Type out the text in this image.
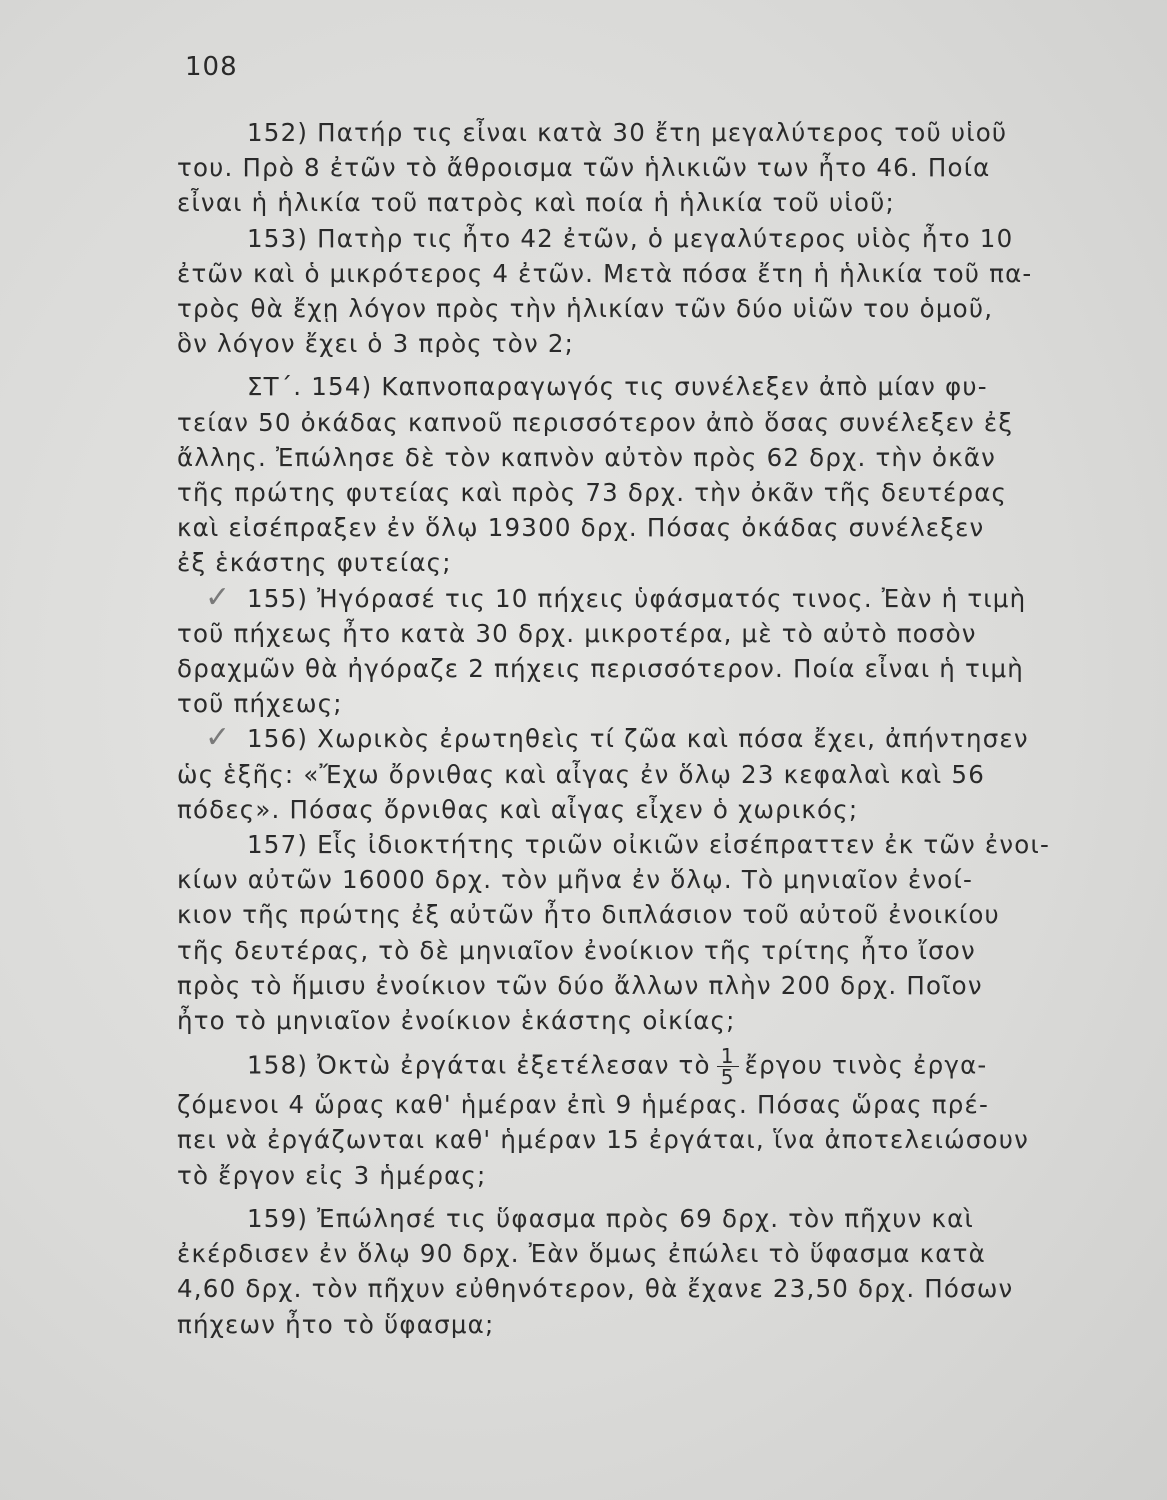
108
152) Πατήρ τις εἶναι κατὰ 30 ἔτη μεγαλύτερος τοῦ υἱοῦ
του. Πρὸ 8 ἐτῶν τὸ ἄθροισμα τῶν ἡλικιῶν των ἦτο 46. Ποία
εἶναι ἡ ἡλικία τοῦ πατρὸς καὶ ποία ἡ ἡλικία τοῦ υἱοῦ;
153) Πατὴρ τις ἦτο 42 ἐτῶν, ὁ μεγαλύτερος υἱὸς ἦτο 10
ἐτῶν καὶ ὁ μικρότερος 4 ἐτῶν. Μετὰ πόσα ἔτη ἡ ἡλικία τοῦ πα-
τρὸς θὰ ἔχῃ λόγον πρὸς τὴν ἡλικίαν τῶν δύο υἱῶν του ὁμοῦ,
ὃν λόγον ἔχει ὁ 3 πρὸς τὸν 2;
ΣΤ΄. 154) Καπνοπαραγωγός τις συνέλεξεν ἀπὸ μίαν φυ-
τείαν 50 ὀκάδας καπνοῦ περισσότερον ἀπὸ ὅσας συνέλεξεν ἐξ
ἄλλης. Ἐπώλησε δὲ τὸν καπνὸν αὐτὸν πρὸς 62 δρχ. τὴν ὀκᾶν
τῆς πρώτης φυτείας καὶ πρὸς 73 δρχ. τὴν ὀκᾶν τῆς δευτέρας
καὶ εἰσέπραξεν ἐν ὅλῳ 19300 δρχ. Πόσας ὀκάδας συνέλεξεν
ἐξ ἑκάστης φυτείας;
✓ 155) Ἠγόρασέ τις 10 πήχεις ὑφάσματός τινος. Ἐὰν ἡ τιμὴ
τοῦ πήχεως ἦτο κατὰ 30 δρχ. μικροτέρα, μὲ τὸ αὐτὸ ποσὸν
δραχμῶν θὰ ἠγόραζε 2 πήχεις περισσότερον. Ποία εἶναι ἡ τιμὴ
τοῦ πήχεως;
✓ 156) Χωρικὸς ἐρωτηθεὶς τί ζῶα καὶ πόσα ἔχει, ἀπήντησεν
ὡς ἑξῆς: «Ἔχω ὄρνιθας καὶ αἶγας ἐν ὅλῳ 23 κεφαλαὶ καὶ 56
πόδες». Πόσας ὄρνιθας καὶ αἶγας εἶχεν ὁ χωρικός;
157) Εἷς ἰδιοκτήτης τριῶν οἰκιῶν εἰσέπραττεν ἐκ τῶν ἐνοι-
κίων αὐτῶν 16000 δρχ. τὸν μῆνα ἐν ὅλῳ. Τὸ μηνιαῖον ἐνοί-
κιον τῆς πρώτης ἐξ αὐτῶν ἦτο διπλάσιον τοῦ αὐτοῦ ἐνοικίου
τῆς δευτέρας, τὸ δὲ μηνιαῖον ἐνοίκιον τῆς τρίτης ἦτο ἴσον
πρὸς τὸ ἥμισυ ἐνοίκιον τῶν δύο ἄλλων πλὴν 200 δρχ. Ποῖον
ἦτο τὸ μηνιαῖον ἐνοίκιον ἑκάστης οἰκίας;
158) Ὀκτὼ ἐργάται ἐξετέλεσαν τὸ $\frac{1}{5}$ ἔργου τινὸς ἐργα-
ζόμενοι 4 ὥρας καθ' ἡμέραν ἐπὶ 9 ἡμέρας. Πόσας ὥρας πρέ-
πει νὰ ἐργάζωνται καθ' ἡμέραν 15 ἐργάται, ἵνα ἀποτελειώσουν
τὸ ἔργον εἰς 3 ἡμέρας;
159) Ἐπώλησέ τις ὕφασμα πρὸς 69 δρχ. τὸν πῆχυν καὶ
ἐκέρδισεν ἐν ὅλῳ 90 δρχ. Ἐὰν ὅμως ἐπώλει τὸ ὕφασμα κατὰ
4,60 δρχ. τὸν πῆχυν εὐθηνότερον, θὰ ἔχανε 23,50 δρχ. Πόσων
πήχεων ἦτο τὸ ὕφασμα;
